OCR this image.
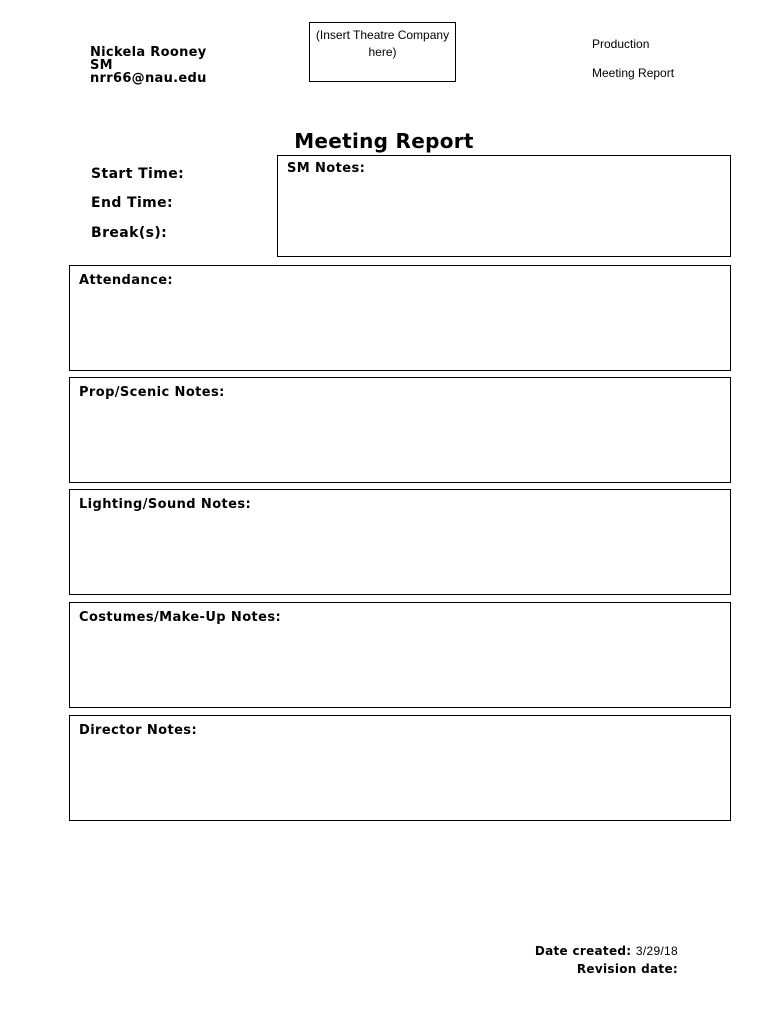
Nickela Rooney
SM
nrr66@nau.edu
(Insert Theatre Company here)
Production
Meeting Report
Meeting Report
Start Time:
End Time:
Break(s):
SM Notes:
Attendance:
Prop/Scenic Notes:
Lighting/Sound Notes:
Costumes/Make-Up Notes:
Director Notes:
Date created: 3/29/18
Revision date:
